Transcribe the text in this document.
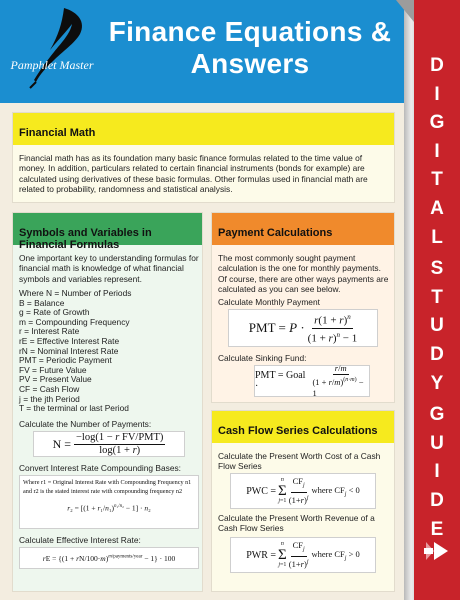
Pamphlet Master
Finance Equations &
Answers	D
I
G
I
T
A
L
S
T
U
D
Y
G
U
I
D
E
Financial Math
Financial math has as its foundation many basic finance formulas related to the time value of money. In addition, particulars related to certain financial instruments (bonds for example) are calculated using derivatives of these basic formulas. Other formulas used in financial math are related to probability, randomness and statistical analysis.
Symbols and Variables in Financial Formulas
One important key to understanding formulas for financial math is knowledge of what financial symbols and variables represent.
Where N = Number of Periods
B = Balance
g = Rate of Growth
m = Compounding Frequency
r = Interest Rate
rE = Effective Interest Rate
rN = Nominal Interest Rate
PMT = Periodic Payment
FV = Future Value
PV = Present Value
CF = Cash Flow
j = the jth Period
T = the terminal or last Period
Calculate the Number of Payments:
N = −log(1 − r FV/PMT)
log(1 + r)
Convert Interest Rate Compounding Bases:
Where r1 = Original Interest Rate with Compounding Frequency n1
and r2 is the stated interest rate with compounding frequency n2
$r_2 = [(1 + r_1/n_1)^{n_1/n_2} - 1] \cdot n_2$
Calculate Effective Interest Rate:
rE = $\{(1 + rN/100\cdot m)^{m/payments/year} - 1\} \cdot 100$
Payment Calculations
The most commonly sought payment calculation is the one for monthly payments. Of course, there are other ways payments are calculated as you can see below.
Calculate Monthly Payment
PMT = $P \cdot r(1 + r)^n$
$(1 + r)^n - 1$
Calculate Sinking Fund:
PMT = Goal ·
r/m
$(1 + r/m)^{(n\cdot m)} - 1$
Cash Flow Series Calculations
Calculate the Present Worth Cost of a Cash Flow Series
PWC =
n
Σ
j=1
$CF_j$
$(1+r)^j$
where $CF_j < 0$
Calculate the Present Worth Revenue of a Cash Flow Series
PWR =
n
Σ
j=1
$CF_j$
$(1+r)^j$
where $CF_j > 0$
